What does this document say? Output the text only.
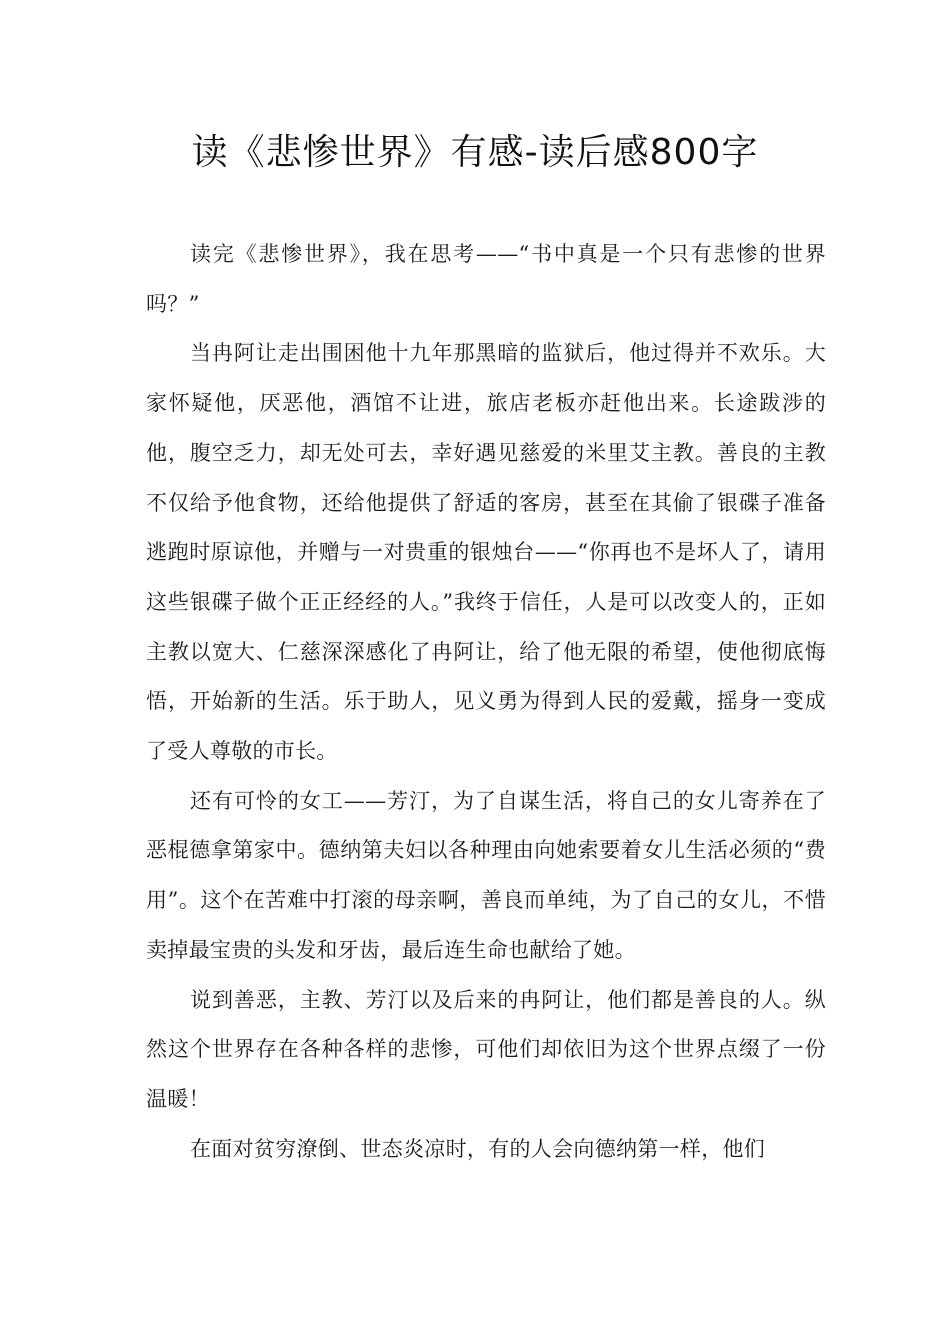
读《悲惨世界》有感-读后感800字

读完《悲惨世界》，我在思考——“书中真是一个只有悲惨的世界吗？”

当冉阿让走出围困他十九年那黑暗的监狱后，他过得并不欢乐。大家怀疑他，厌恶他，酒馆不让进，旅店老板亦赶他出来。长途跋涉的他，腹空乏力，却无处可去，幸好遇见慈爱的米里艾主教。善良的主教不仅给予他食物，还给他提供了舒适的客房，甚至在其偷了银碟子准备逃跑时原谅他，并赠与一对贵重的银烛台——“你再也不是坏人了，请用这些银碟子做个正正经经的人。”我终于信任，人是可以改变人的，正如主教以宽大、仁慈深深感化了冉阿让，给了他无限的希望，使他彻底悔悟，开始新的生活。乐于助人，见义勇为得到人民的爱戴，摇身一变成了受人尊敬的市长。

还有可怜的女工——芳汀，为了自谋生活，将自己的女儿寄养在了恶棍德拿第家中。德纳第夫妇以各种理由向她索要着女儿生活必须的“费用”。这个在苦难中打滚的母亲啊，善良而单纯，为了自己的女儿，不惜卖掉最宝贵的头发和牙齿，最后连生命也献给了她。

说到善恶，主教、芳汀以及后来的冉阿让，他们都是善良的人。纵然这个世界存在各种各样的悲惨，可他们却依旧为这个世界点缀了一份温暖！

在面对贫穷潦倒、世态炎凉时，有的人会向德纳第一样，他们
